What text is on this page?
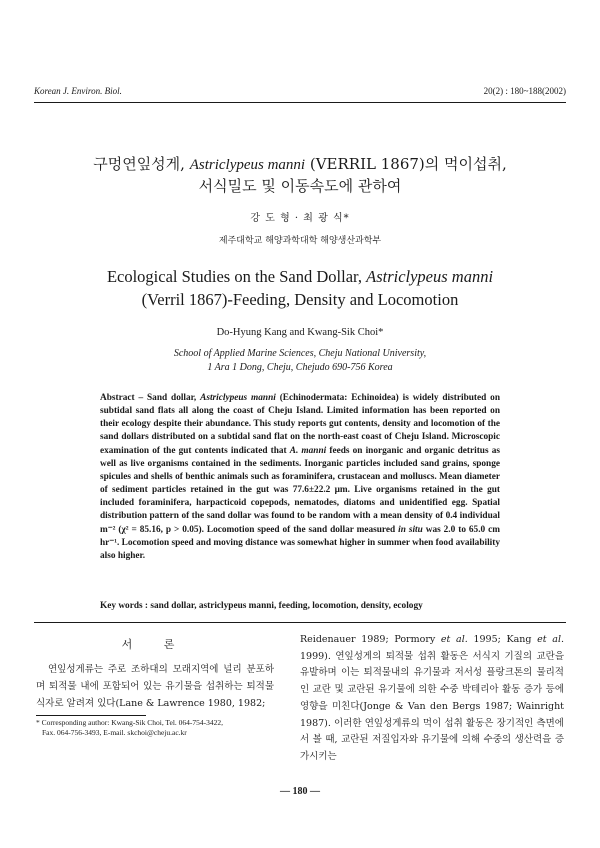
Korean J. Environ. Biol.	20(2) : 180~188(2002)
구멍연잎성게, Astriclypeus manni (VERRIL 1867)의 먹이섭취,
서식밀도 및 이동속도에 관하여
강 도 형 · 최 광 식*
제주대학교 해양과학대학 해양생산과학부
Ecological Studies on the Sand Dollar, Astriclypeus manni
(Verril 1867)-Feeding, Density and Locomotion
Do-Hyung Kang and Kwang-Sik Choi*
School of Applied Marine Sciences, Cheju National University,
1 Ara 1 Dong, Cheju, Chejudo 690-756 Korea
Abstract – Sand dollar, Astriclypeus manni (Echinodermata: Echinoidea) is widely distributed on subtidal sand flats all along the coast of Cheju Island. Limited information has been reported on their ecology despite their abundance. This study reports gut contents, density and locomotion of the sand dollars distributed on a subtidal sand flat on the north-east coast of Cheju Island. Microscopic examination of the gut contents indicated that A. manni feeds on inorganic and organic detritus as well as live organisms contained in the sediments. Inorganic particles included sand grains, sponge spicules and shells of benthic animals such as foraminifera, crustacean and molluscs. Mean diameter of sediment particles retained in the gut was 77.6±22.2 μm. Live organisms retained in the gut included foraminifera, harpacticoid copepods, nematodes, diatoms and unidentified egg. Spatial distribution pattern of the sand dollar was found to be random with a mean density of 0.4 individual m⁻² (χ² = 85.16, p > 0.05). Locomotion speed of the sand dollar measured in situ was 2.0 to 65.0 cm hr⁻¹. Locomotion speed and moving distance was somewhat higher in summer when food availability also higher.
Key words : sand dollar, astriclypeus manni, feeding, locomotion, density, ecology
서 론
연잎성게류는 주로 조하대의 모래지역에 널리 분포하며 퇴적물 내에 포함되어 있는 유기물을 섭취하는 퇴적물식자로 알려져 있다(Lane & Lawrence 1980, 1982;
* Corresponding author: Kwang-Sik Choi, Tel. 064-754-3422,
Fax. 064-756-3493, E-mail. skchoi@cheju.ac.kr
Reidenauer 1989; Pormory et al. 1995; Kang et al. 1999). 연잎성게의 퇴적물 섭취 활동은 서식지 기질의 교란을 유발하며 이는 퇴적물내의 유기물과 저서성 플랑크톤의 물리적인 교란 및 교란된 유기물에 의한 수중 박테리아 활동 증가 등에 영향을 미친다(Jonge & Van den Bergs 1987; Wainright 1987). 이러한 연잎성게류의 먹이 섭취 활동은 장기적인 측면에서 볼 때, 교란된 저질입자와 유기물에 의해 수중의 생산력을 증가시키는
— 180 —
